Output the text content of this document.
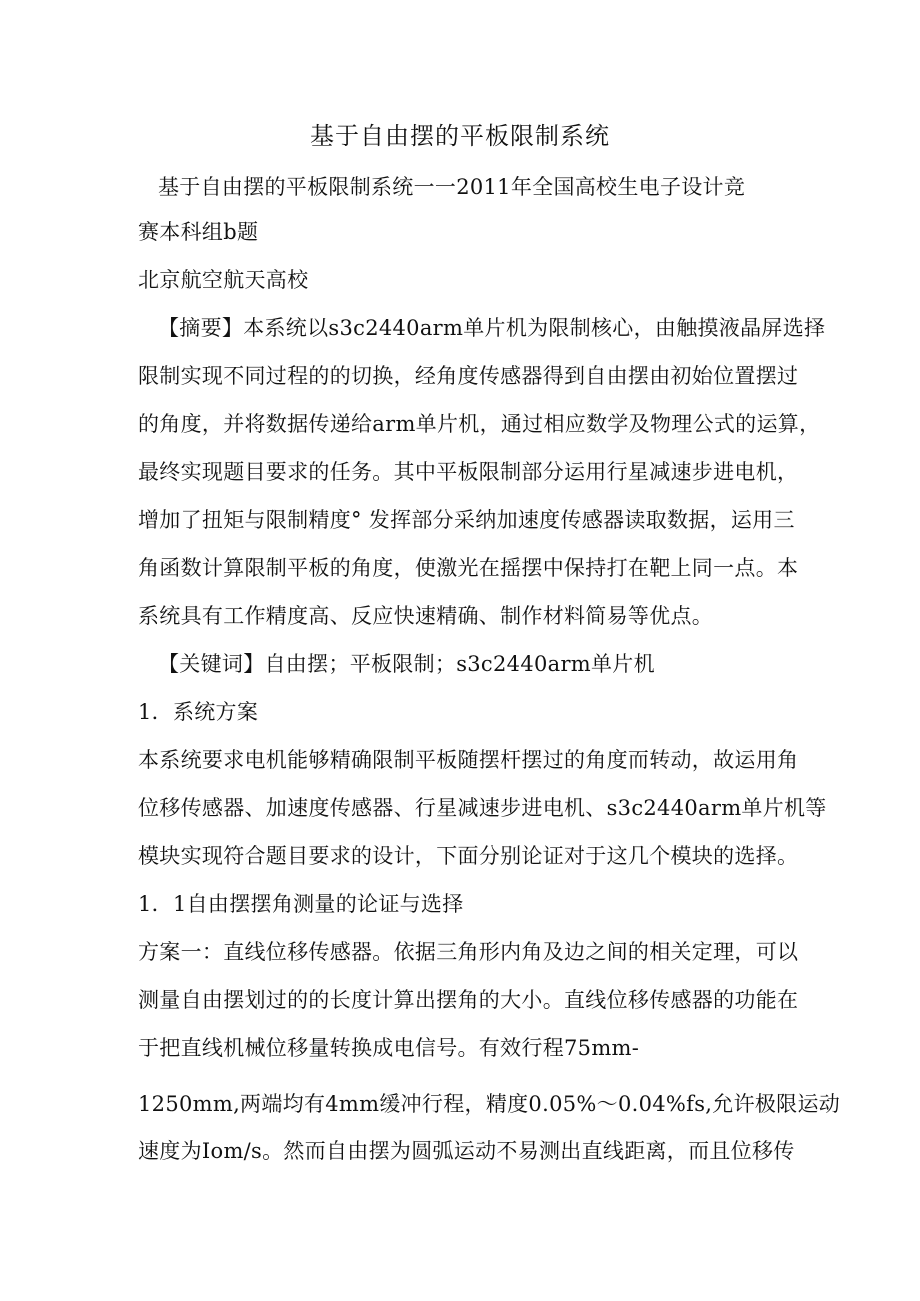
基于自由摆的平板限制系统
基于自由摆的平板限制系统一一2011年全国高校生电子设计竞
赛本科组b题
北京航空航天高校
【摘要】本系统以s3c2440arm单片机为限制核心，由触摸液晶屏选择
限制实现不同过程的的切换，经角度传感器得到自由摆由初始位置摆过
的角度，并将数据传递给arm单片机，通过相应数学及物理公式的运算，
最终实现题目要求的任务。其中平板限制部分运用行星减速步进电机，
增加了扭矩与限制精度° 发挥部分采纳加速度传感器读取数据，运用三
角函数计算限制平板的角度，使激光在摇摆中保持打在靶上同一点。本
系统具有工作精度高、反应快速精确、制作材料简易等优点。
【关键词】自由摆；平板限制；s3c2440arm单片机
1．系统方案
本系统要求电机能够精确限制平板随摆杆摆过的角度而转动，故运用角
位移传感器、加速度传感器、行星减速步进电机、s3c2440arm单片机等
模块实现符合题目要求的设计，下面分别论证对于这几个模块的选择。
1．1自由摆摆角测量的论证与选择
方案一：直线位移传感器。依据三角形内角及边之间的相关定理，可以
测量自由摆划过的的长度计算出摆角的大小。直线位移传感器的功能在
于把直线机械位移量转换成电信号。有效行程75mm-
1250mm,两端均有4mm缓冲行程，精度0.05%～0.04%fs,允许极限运动
速度为Iom/s。然而自由摆为圆弧运动不易测出直线距离，而且位移传
